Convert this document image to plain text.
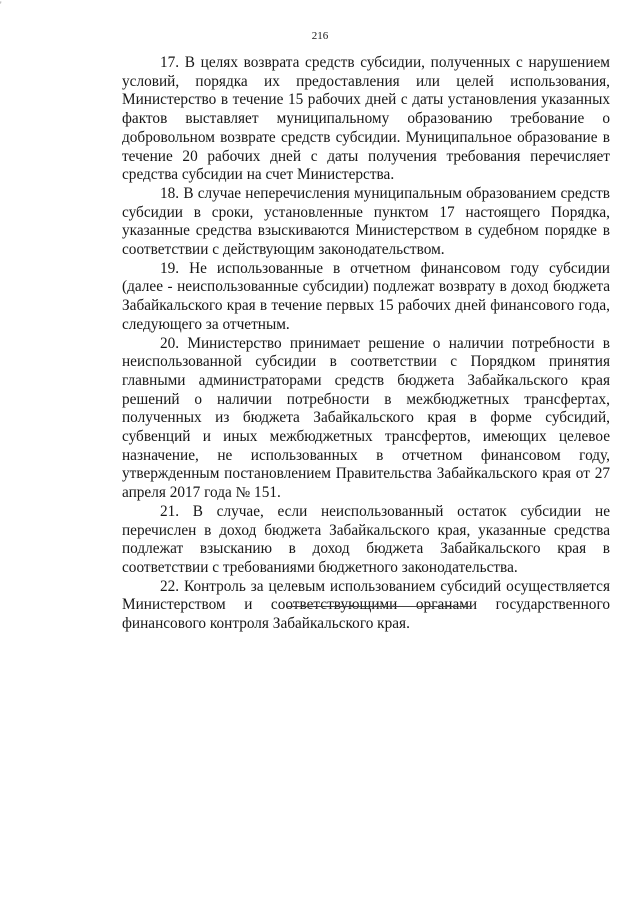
'
216

17. В целях возврата средств субсидии, полученных с нарушением условий, порядка их предоставления или целей использования, Министерство в течение 15 рабочих дней с даты установления указанных фактов выставляет муниципальному образованию требование о добровольном возврате средств субсидии. Муниципальное образование в течение 20 рабочих дней с даты получения требования перечисляет средства субсидии на счет Министерства.

18. В случае неперечисления муниципальным образованием средств субсидии в сроки, установленные пунктом 17 настоящего Порядка, указанные средства взыскиваются Министерством в судебном порядке в соответствии с действующим законодательством.

19. Не использованные в отчетном финансовом году субсидии (далее - неиспользованные субсидии) подлежат возврату в доход бюджета Забайкальского края в течение первых 15 рабочих дней финансового года, следующего за отчетным.

20. Министерство принимает решение о наличии потребности в неиспользованной субсидии в соответствии с Порядком принятия главными администраторами средств бюджета Забайкальского края решений о наличии потребности в межбюджетных трансфертах, полученных из бюджета Забайкальского края в форме субсидий, субвенций и иных межбюджетных трансфертов, имеющих целевое назначение, не использованных в отчетном финансовом году, утвержденным постановлением Правительства Забайкальского края от 27 апреля 2017 года № 151.

21. В случае, если неиспользованный остаток субсидии не перечислен в доход бюджета Забайкальского края, указанные средства подлежат взысканию в доход бюджета Забайкальского края в соответствии с требованиями бюджетного законодательства.

22. Контроль за целевым использованием субсидий осуществляется Министерством и соответствующими органами государственного финансового контроля Забайкальского края.
